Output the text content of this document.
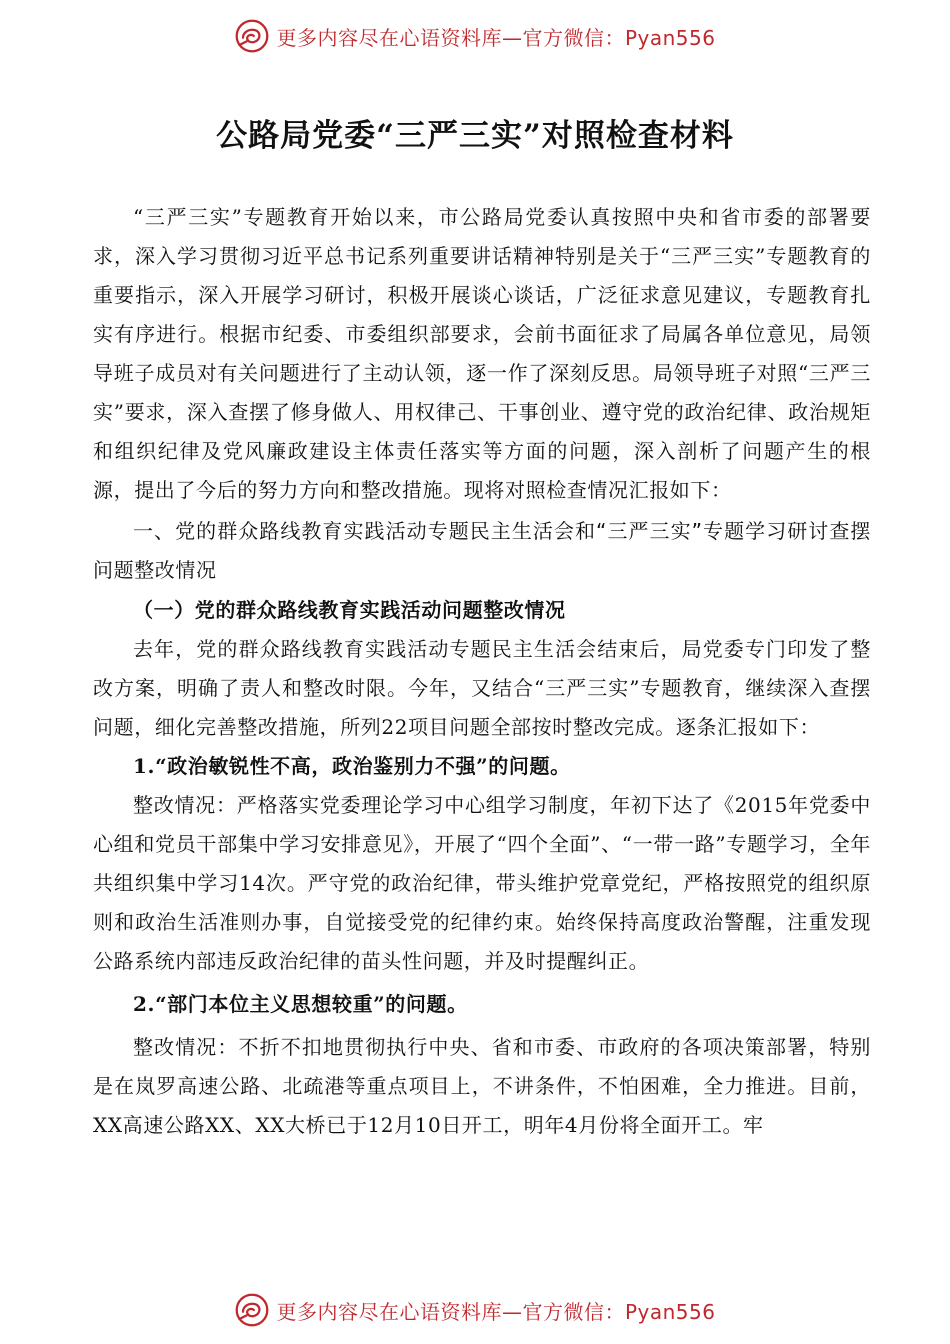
更多内容尽在心语资料库—官方微信：Pyan556
公路局党委“三严三实”对照检查材料

“三严三实”专题教育开始以来，市公路局党委认真按照中央和省市委的部署要求，深入学习贯彻习近平总书记系列重要讲话精神特别是关于“三严三实”专题教育的重要指示，深入开展学习研讨，积极开展谈心谈话，广泛征求意见建议，专题教育扎实有序进行。根据市纪委、市委组织部要求，会前书面征求了局属各单位意见，局领导班子成员对有关问题进行了主动认领，逐一作了深刻反思。局领导班子对照“三严三实”要求，深入查摆了修身做人、用权律己、干事创业、遵守党的政治纪律、政治规矩和组织纪律及党风廉政建设主体责任落实等方面的问题，深入剖析了问题产生的根源，提出了今后的努力方向和整改措施。现将对照检查情况汇报如下：

一、党的群众路线教育实践活动专题民主生活会和“三严三实”专题学习研讨查摆问题整改情况

（一）党的群众路线教育实践活动问题整改情况

去年，党的群众路线教育实践活动专题民主生活会结束后，局党委专门印发了整改方案，明确了责人和整改时限。今年，又结合“三严三实”专题教育，继续深入查摆问题，细化完善整改措施，所列22项目问题全部按时整改完成。逐条汇报如下：

1.“政治敏锐性不高，政治鉴别力不强”的问题。

整改情况：严格落实党委理论学习中心组学习制度，年初下达了《2015年党委中心组和党员干部集中学习安排意见》，开展了“四个全面”、“一带一路”专题学习，全年共组织集中学习14次。严守党的政治纪律，带头维护党章党纪，严格按照党的组织原则和政治生活准则办事，自觉接受党的纪律约束。始终保持高度政治警醒，注重发现公路系统内部违反政治纪律的苗头性问题，并及时提醒纠正。

2.“部门本位主义思想较重”的问题。

整改情况：不折不扣地贯彻执行中央、省和市委、市政府的各项决策部署，特别是在岚罗高速公路、北疏港等重点项目上，不讲条件，不怕困难，全力推进。目前，XX高速公路XX、XX大桥已于12月10日开工，明年4月份将全面开工。牢

更多内容尽在心语资料库—官方微信：Pyan556
